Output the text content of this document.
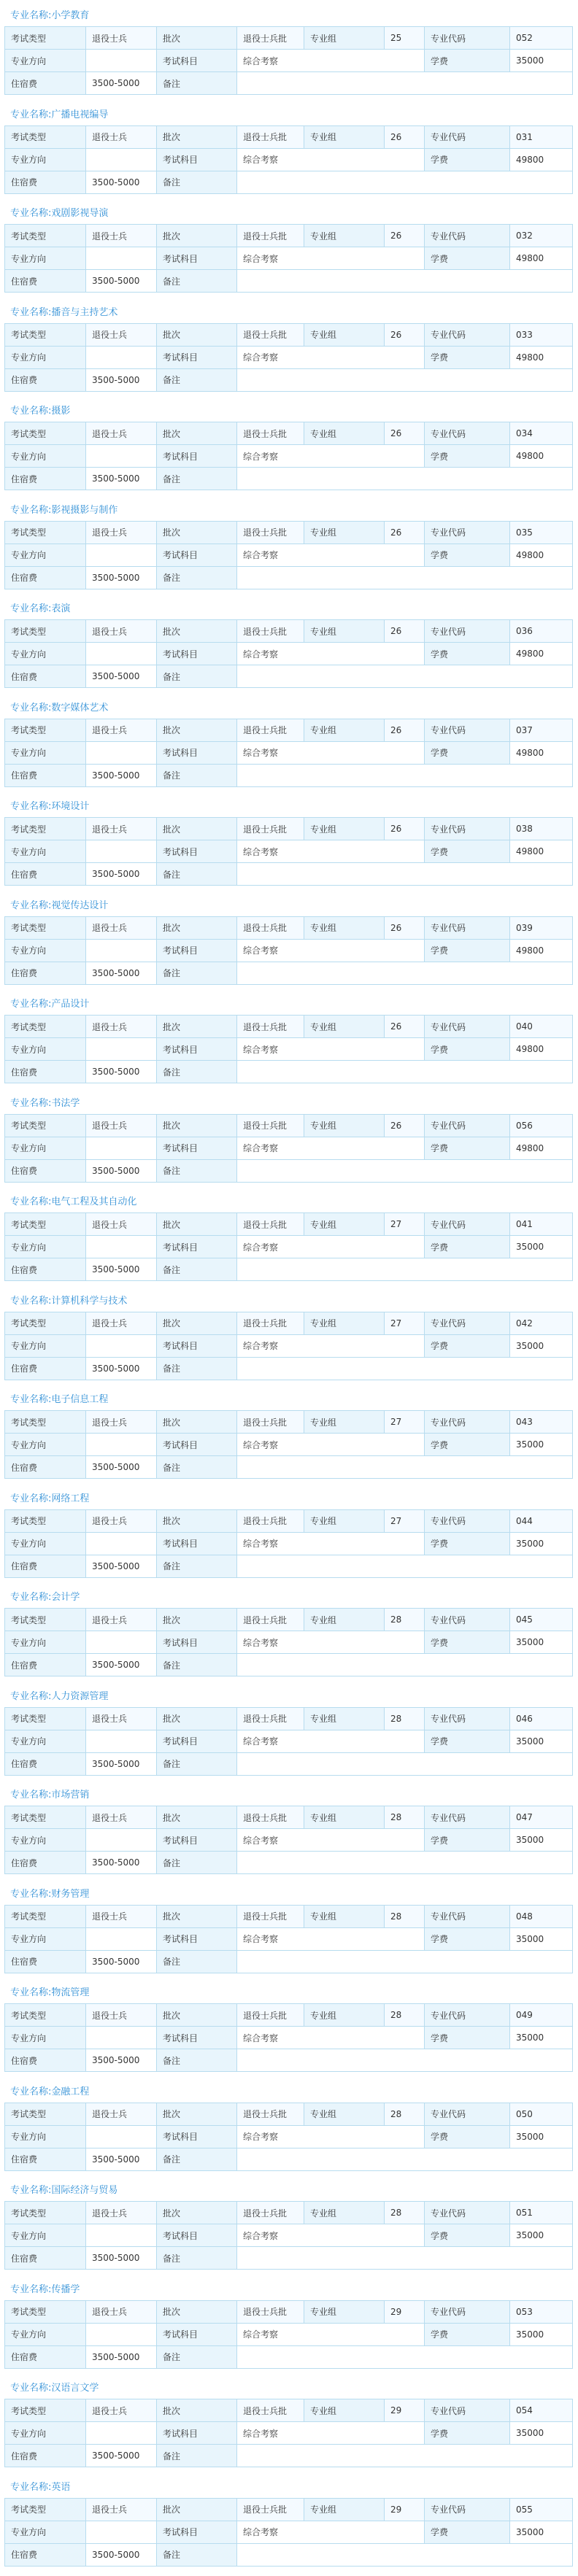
专业名称:小学教育
考试类型	退役士兵	批次	退役士兵批	专业组	25	专业代码	052
专业方向		考试科目	综合考察			学费	35000
住宿费	3500-5000	备注					
专业名称:广播电视编导
考试类型	退役士兵	批次	退役士兵批	专业组	26	专业代码	031
专业方向		考试科目	综合考察			学费	49800
住宿费	3500-5000	备注					
专业名称:戏剧影视导演
考试类型	退役士兵	批次	退役士兵批	专业组	26	专业代码	032
专业方向		考试科目	综合考察			学费	49800
住宿费	3500-5000	备注					
专业名称:播音与主持艺术
考试类型	退役士兵	批次	退役士兵批	专业组	26	专业代码	033
专业方向		考试科目	综合考察			学费	49800
住宿费	3500-5000	备注					
专业名称:摄影
考试类型	退役士兵	批次	退役士兵批	专业组	26	专业代码	034
专业方向		考试科目	综合考察			学费	49800
住宿费	3500-5000	备注					
专业名称:影视摄影与制作
考试类型	退役士兵	批次	退役士兵批	专业组	26	专业代码	035
专业方向		考试科目	综合考察			学费	49800
住宿费	3500-5000	备注					
专业名称:表演
考试类型	退役士兵	批次	退役士兵批	专业组	26	专业代码	036
专业方向		考试科目	综合考察			学费	49800
住宿费	3500-5000	备注					
专业名称:数字媒体艺术
考试类型	退役士兵	批次	退役士兵批	专业组	26	专业代码	037
专业方向		考试科目	综合考察			学费	49800
住宿费	3500-5000	备注					
专业名称:环境设计
考试类型	退役士兵	批次	退役士兵批	专业组	26	专业代码	038
专业方向		考试科目	综合考察			学费	49800
住宿费	3500-5000	备注					
专业名称:视觉传达设计
考试类型	退役士兵	批次	退役士兵批	专业组	26	专业代码	039
专业方向		考试科目	综合考察			学费	49800
住宿费	3500-5000	备注					
专业名称:产品设计
考试类型	退役士兵	批次	退役士兵批	专业组	26	专业代码	040
专业方向		考试科目	综合考察			学费	49800
住宿费	3500-5000	备注					
专业名称:书法学
考试类型	退役士兵	批次	退役士兵批	专业组	26	专业代码	056
专业方向		考试科目	综合考察			学费	49800
住宿费	3500-5000	备注					
专业名称:电气工程及其自动化
考试类型	退役士兵	批次	退役士兵批	专业组	27	专业代码	041
专业方向		考试科目	综合考察			学费	35000
住宿费	3500-5000	备注					
专业名称:计算机科学与技术
考试类型	退役士兵	批次	退役士兵批	专业组	27	专业代码	042
专业方向		考试科目	综合考察			学费	35000
住宿费	3500-5000	备注					
专业名称:电子信息工程
考试类型	退役士兵	批次	退役士兵批	专业组	27	专业代码	043
专业方向		考试科目	综合考察			学费	35000
住宿费	3500-5000	备注					
专业名称:网络工程
考试类型	退役士兵	批次	退役士兵批	专业组	27	专业代码	044
专业方向		考试科目	综合考察			学费	35000
住宿费	3500-5000	备注					
专业名称:会计学
考试类型	退役士兵	批次	退役士兵批	专业组	28	专业代码	045
专业方向		考试科目	综合考察			学费	35000
住宿费	3500-5000	备注					
专业名称:人力资源管理
考试类型	退役士兵	批次	退役士兵批	专业组	28	专业代码	046
专业方向		考试科目	综合考察			学费	35000
住宿费	3500-5000	备注					
专业名称:市场营销
考试类型	退役士兵	批次	退役士兵批	专业组	28	专业代码	047
专业方向		考试科目	综合考察			学费	35000
住宿费	3500-5000	备注					
专业名称:财务管理
考试类型	退役士兵	批次	退役士兵批	专业组	28	专业代码	048
专业方向		考试科目	综合考察			学费	35000
住宿费	3500-5000	备注					
专业名称:物流管理
考试类型	退役士兵	批次	退役士兵批	专业组	28	专业代码	049
专业方向		考试科目	综合考察			学费	35000
住宿费	3500-5000	备注					
专业名称:金融工程
考试类型	退役士兵	批次	退役士兵批	专业组	28	专业代码	050
专业方向		考试科目	综合考察			学费	35000
住宿费	3500-5000	备注					
专业名称:国际经济与贸易
考试类型	退役士兵	批次	退役士兵批	专业组	28	专业代码	051
专业方向		考试科目	综合考察			学费	35000
住宿费	3500-5000	备注					
专业名称:传播学
考试类型	退役士兵	批次	退役士兵批	专业组	29	专业代码	053
专业方向		考试科目	综合考察			学费	35000
住宿费	3500-5000	备注					
专业名称:汉语言文学
考试类型	退役士兵	批次	退役士兵批	专业组	29	专业代码	054
专业方向		考试科目	综合考察			学费	35000
住宿费	3500-5000	备注					
专业名称:英语
考试类型	退役士兵	批次	退役士兵批	专业组	29	专业代码	055
专业方向		考试科目	综合考察			学费	35000
住宿费	3500-5000	备注					
